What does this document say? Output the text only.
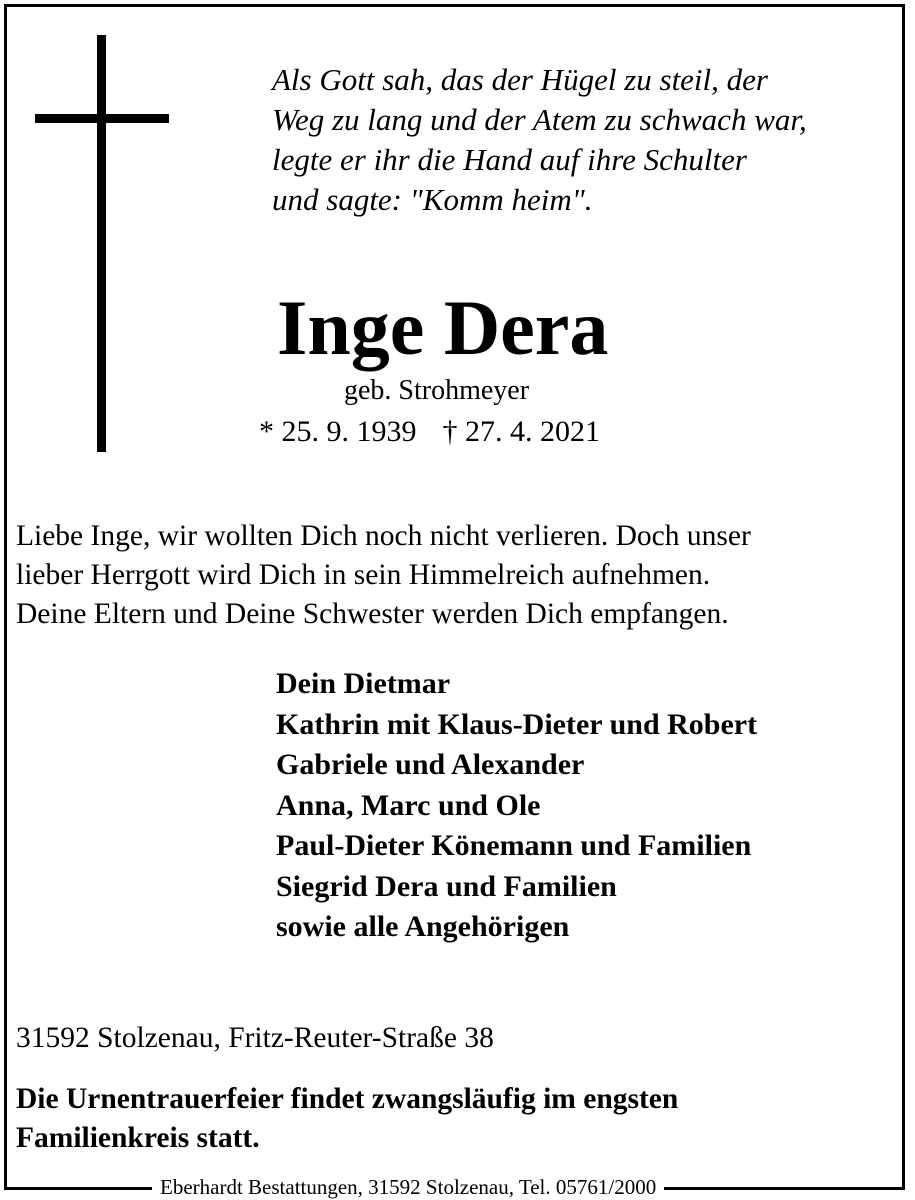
Als Gott sah, das der Hügel zu steil, der
Weg zu lang und der Atem zu schwach war,
legte er ihr die Hand auf ihre Schulter
und sagte: "Komm heim".
Inge Dera
geb. Strohmeyer
* 25. 9. 1939 † 27. 4. 2021
Liebe Inge, wir wollten Dich noch nicht verlieren. Doch unser
lieber Herrgott wird Dich in sein Himmelreich aufnehmen.
Deine Eltern und Deine Schwester werden Dich empfangen.
Dein Dietmar
Kathrin mit Klaus-Dieter und Robert
Gabriele und Alexander
Anna, Marc und Ole
Paul-Dieter Könemann und Familien
Siegrid Dera und Familien
sowie alle Angehörigen
31592 Stolzenau, Fritz-Reuter-Straße 38
Die Urnentrauerfeier findet zwangsläufig im engsten
Familienkreis statt.
Eberhardt Bestattungen, 31592 Stolzenau, Tel. 05761/2000
